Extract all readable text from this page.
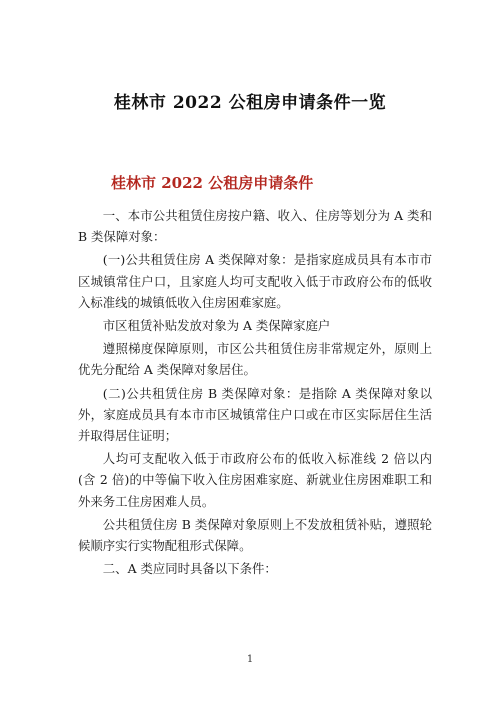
桂林市 2022 公租房申请条件一览
桂林市 2022 公租房申请条件

一、本市公共租赁住房按户籍、收入、住房等划分为 A 类和 B 类保障对象：

(一)公共租赁住房 A 类保障对象：是指家庭成员具有本市市区城镇常住户口，且家庭人均可支配收入低于市政府公布的低收入标准线的城镇低收入住房困难家庭。

市区租赁补贴发放对象为 A 类保障家庭户

遵照梯度保障原则，市区公共租赁住房非常规定外，原则上优先分配给 A 类保障对象居住。

(二)公共租赁住房 B 类保障对象：是指除 A 类保障对象以外，家庭成员具有本市市区城镇常住户口或在市区实际居住生活并取得居住证明；

人均可支配收入低于市政府公布的低收入标准线 2 倍以内(含 2 倍)的中等偏下收入住房困难家庭、新就业住房困难职工和外来务工住房困难人员。

公共租赁住房 B 类保障对象原则上不发放租赁补贴，遵照轮候顺序实行实物配租形式保障。

二、A 类应同时具备以下条件：

1
